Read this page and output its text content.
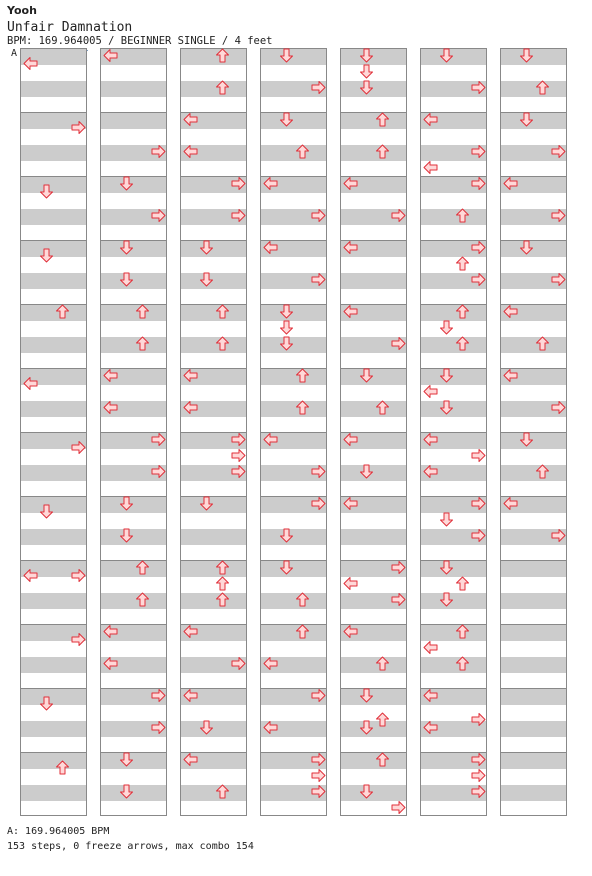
Yooh
Unfair Damnation
BPM: 169.964005 / BEGINNER SINGLE / 4 feet
A
A: 169.964005 BPM
153 steps, 0 freeze arrows, max combo 154
